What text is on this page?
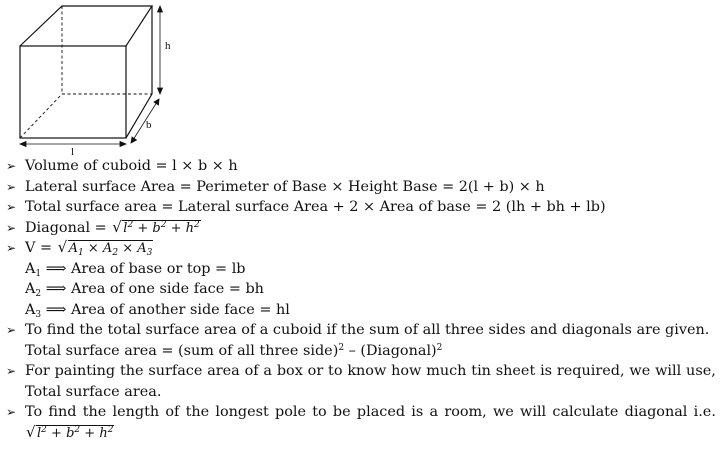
h
b
l
➢ Volume of cuboid = l × b × h
➢ Lateral surface Area = Perimeter of Base × Height Base = 2(l + b) × h
➢ Total surface area = Lateral surface Area + 2 × Area of base = 2 (lh + bh + lb)
➢ Diagonal = √ $l^2 + b^2 + h^2$
➢ V = √ $A_1 \times A_2 \times A_3$
$A_1$ ⟹ Area of base or top = lb
$A_2$ ⟹ Area of one side face = bh
$A_3$ ⟹ Area of another side face = hl
➢ To find the total surface area of a cuboid if the sum of all three sides and diagonals are given.
Total surface area = (sum of all three side)$^2$ – (Diagonal)$^2$
➢ For painting the surface area of a box or to know how much tin sheet is required, we will use,
Total surface area.
➢ To find the length of the longest pole to be placed is a room, we will calculate diagonal i.e.
√ $l^2 + b^2 + h^2$
